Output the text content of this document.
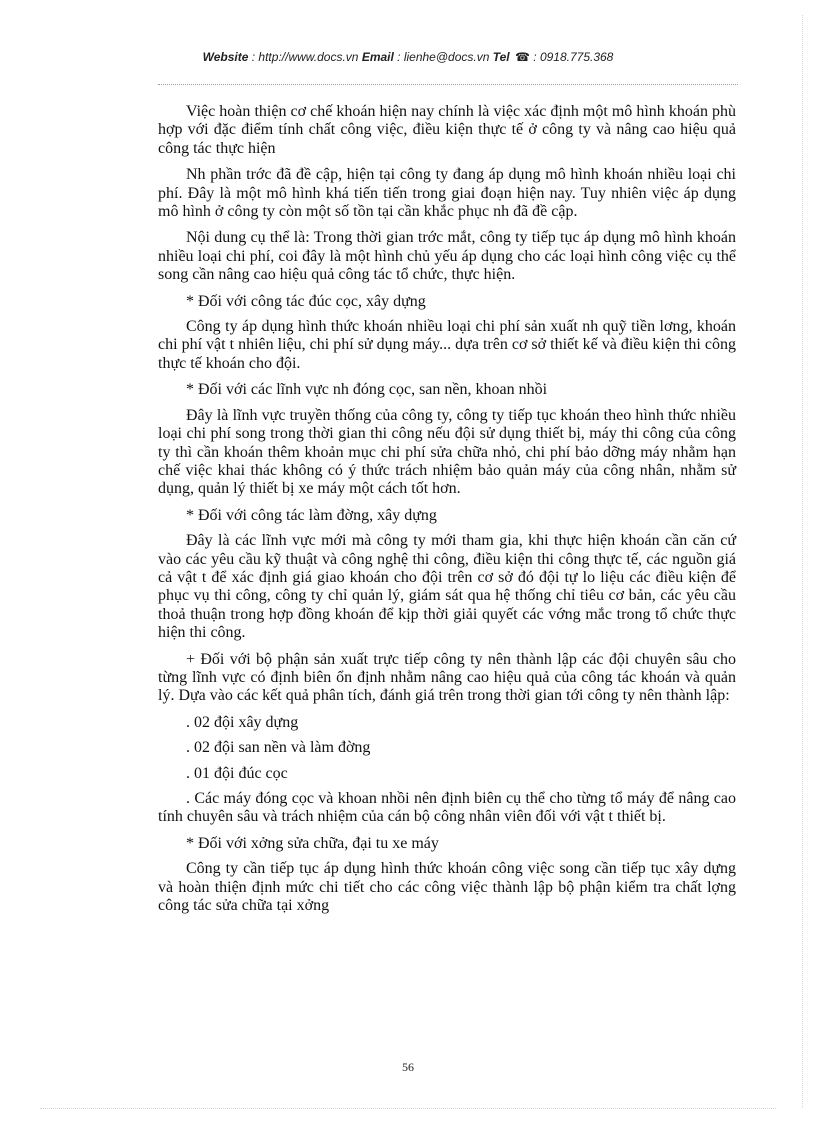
Website : http://www.docs.vn Email : lienhe@docs.vn Tel ☎ : 0918.775.368

Việc hoàn thiện cơ chế khoán hiện nay chính là việc xác định một mô hình khoán phù hợp với đặc điểm tính chất công việc, điều kiện thực tế ở công ty và nâng cao hiệu quả công tác thực hiện

Nh phần trớc đã đề cập, hiện tại công ty đang áp dụng mô hình khoán nhiều loại chi phí. Đây là một mô hình khá tiến tiến trong giai đoạn hiện nay. Tuy nhiên việc áp dụng mô hình ở công ty còn một số tồn tại cần khắc phục nh đã đề cập.

Nội dung cụ thể là: Trong thời gian trớc mắt, công ty tiếp tục áp dụng mô hình khoán nhiều loại chi phí, coi đây là một hình chủ yếu áp dụng cho các loại hình công việc cụ thể song cần nâng cao hiệu quả công tác tổ chức, thực hiện.

* Đối với công tác đúc cọc, xây dựng

Công ty áp dụng hình thức khoán nhiều loại chi phí sản xuất nh quỹ tiền lơng, khoán chi phí vật t nhiên liệu, chi phí sử dụng máy... dựa trên cơ sở thiết kế và điều kiện thi công thực tế khoán cho đội.

* Đối với các lĩnh vực nh đóng cọc, san nền, khoan nhồi

Đây là lĩnh vực truyền thống của công ty, công ty tiếp tục khoán theo hình thức nhiều loại chi phí song trong thời gian thi công nếu đội sử dụng thiết bị, máy thi công của công ty thì cần khoán thêm khoản mục chi phí sửa chữa nhỏ, chi phí bảo dỡng máy nhằm hạn chế việc khai thác không có ý thức trách nhiệm bảo quản máy của công nhân, nhằm sử dụng, quản lý thiết bị xe máy một cách tốt hơn.

* Đối với công tác làm đờng, xây dựng

Đây là các lĩnh vực mới mà công ty mới tham gia, khi thực hiện khoán cần căn cứ vào các yêu cầu kỹ thuật và công nghệ thi công, điều kiện thi công thực tế, các nguồn giá cả vật t để xác định giá giao khoán cho đội trên cơ sở đó đội tự lo liệu các điều kiện để phục vụ thi công, công ty chỉ quản lý, giám sát qua hệ thống chỉ tiêu cơ bản, các yêu cầu thoả thuận trong hợp đồng khoán để kịp thời giải quyết các vớng mắc trong tổ chức thực hiện thi công.

+ Đối với bộ phận sản xuất trực tiếp công ty nên thành lập các đội chuyên sâu cho từng lĩnh vực có định biên ổn định nhằm nâng cao hiệu quả của công tác khoán và quản lý. Dựa vào các kết quả phân tích, đánh giá trên trong thời gian tới công ty nên thành lập:

. 02 đội xây dựng

. 02 đội san nền và làm đờng

. 01 đội đúc cọc

. Các máy đóng cọc và khoan nhồi nên định biên cụ thể cho từng tổ máy để nâng cao tính chuyên sâu và trách nhiệm của cán bộ công nhân viên đối với vật t thiết bị.

* Đối với xởng sửa chữa, đại tu xe máy

Công ty cần tiếp tục áp dụng hình thức khoán công việc song cần tiếp tục xây dựng và hoàn thiện định mức chi tiết cho các công việc thành lập bộ phận kiểm tra chất lợng công tác sửa chữa tại xởng

56
